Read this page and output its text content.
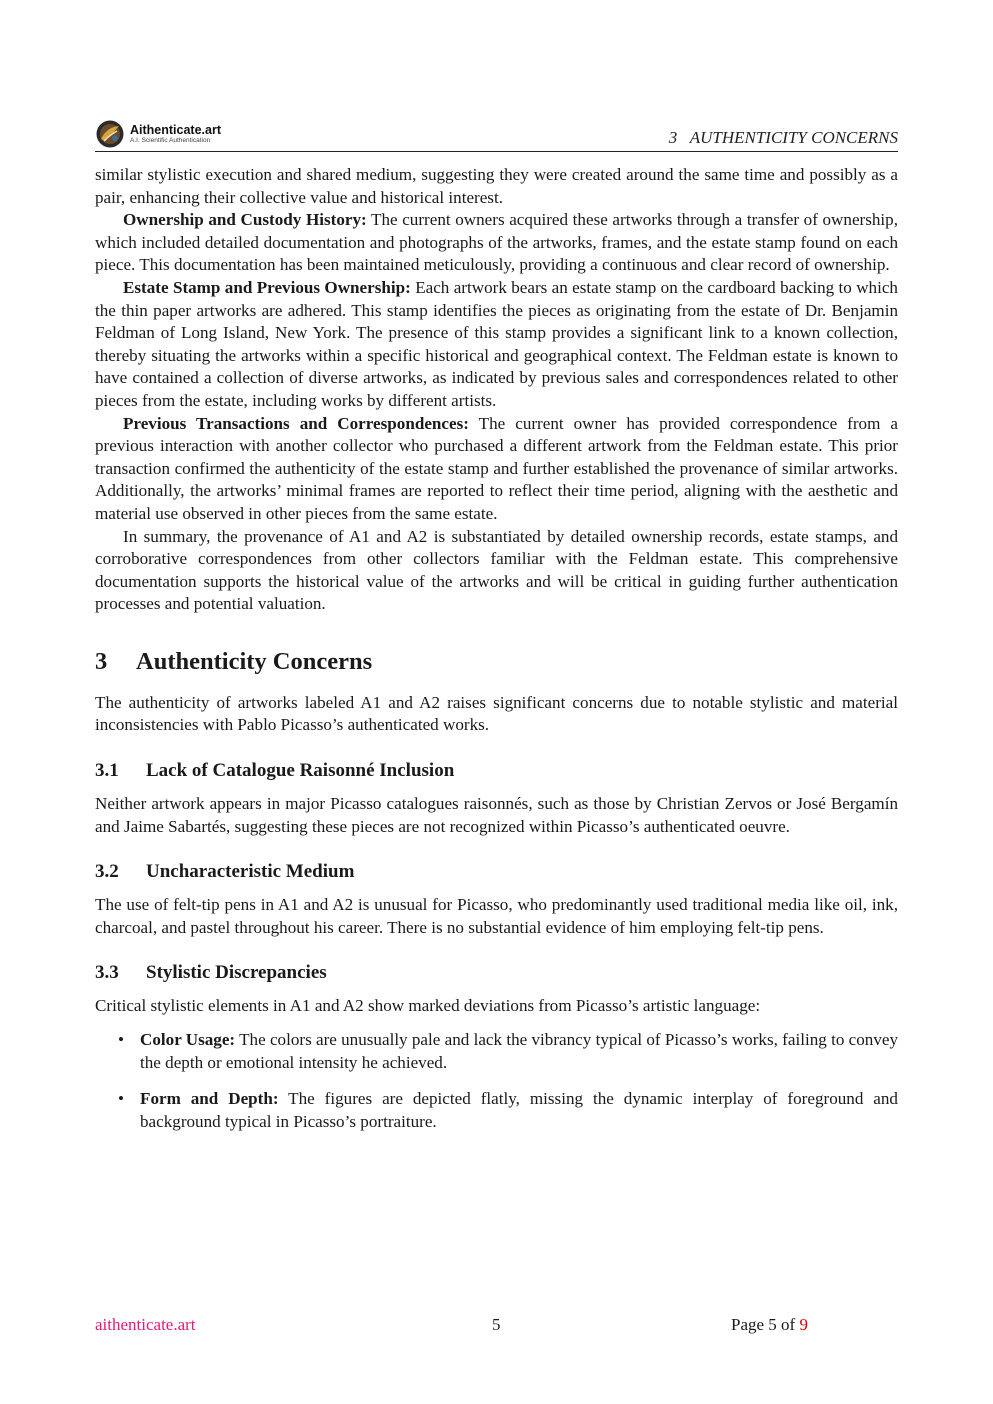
Aithenticate.art
A.I. Scientific Authentication	3   AUTHENTICITY CONCERNS

similar stylistic execution and shared medium, suggesting they were created around the same time and possibly as a pair, enhancing their collective value and historical interest.

Ownership and Custody History: The current owners acquired these artworks through a transfer of ownership, which included detailed documentation and photographs of the artworks, frames, and the estate stamp found on each piece. This documentation has been maintained meticulously, providing a continuous and clear record of ownership.

Estate Stamp and Previous Ownership: Each artwork bears an estate stamp on the cardboard backing to which the thin paper artworks are adhered. This stamp identifies the pieces as originating from the estate of Dr. Benjamin Feldman of Long Island, New York. The presence of this stamp provides a significant link to a known collection, thereby situating the artworks within a specific historical and geographical context. The Feldman estate is known to have contained a collection of diverse artworks, as indicated by previous sales and correspondences related to other pieces from the estate, including works by different artists.

Previous Transactions and Correspondences: The current owner has provided correspondence from a previous interaction with another collector who purchased a different artwork from the Feldman estate. This prior transaction confirmed the authenticity of the estate stamp and further established the provenance of similar artworks. Additionally, the artworks’ minimal frames are reported to reflect their time period, aligning with the aesthetic and material use observed in other pieces from the same estate.

In summary, the provenance of A1 and A2 is substantiated by detailed ownership records, estate stamps, and corroborative correspondences from other collectors familiar with the Feldman estate. This comprehensive documentation supports the historical value of the artworks and will be critical in guiding further authentication processes and potential valuation.

3 Authenticity Concerns

The authenticity of artworks labeled A1 and A2 raises significant concerns due to notable stylistic and material inconsistencies with Pablo Picasso’s authenticated works.

3.1 Lack of Catalogue Raisonné Inclusion

Neither artwork appears in major Picasso catalogues raisonnés, such as those by Christian Zervos or José Bergamín and Jaime Sabartés, suggesting these pieces are not recognized within Picasso’s authenticated oeuvre.

3.2 Uncharacteristic Medium

The use of felt-tip pens in A1 and A2 is unusual for Picasso, who predominantly used traditional media like oil, ink, charcoal, and pastel throughout his career. There is no substantial evidence of him employing felt-tip pens.

3.3 Stylistic Discrepancies

Critical stylistic elements in A1 and A2 show marked deviations from Picasso’s artistic language:

• Color Usage: The colors are unusually pale and lack the vibrancy typical of Picasso’s works, failing to convey the depth or emotional intensity he achieved.
• Form and Depth: The figures are depicted flatly, missing the dynamic interplay of foreground and background typical in Picasso’s portraiture.
aithenticate.art	5	Page 5 of 9
